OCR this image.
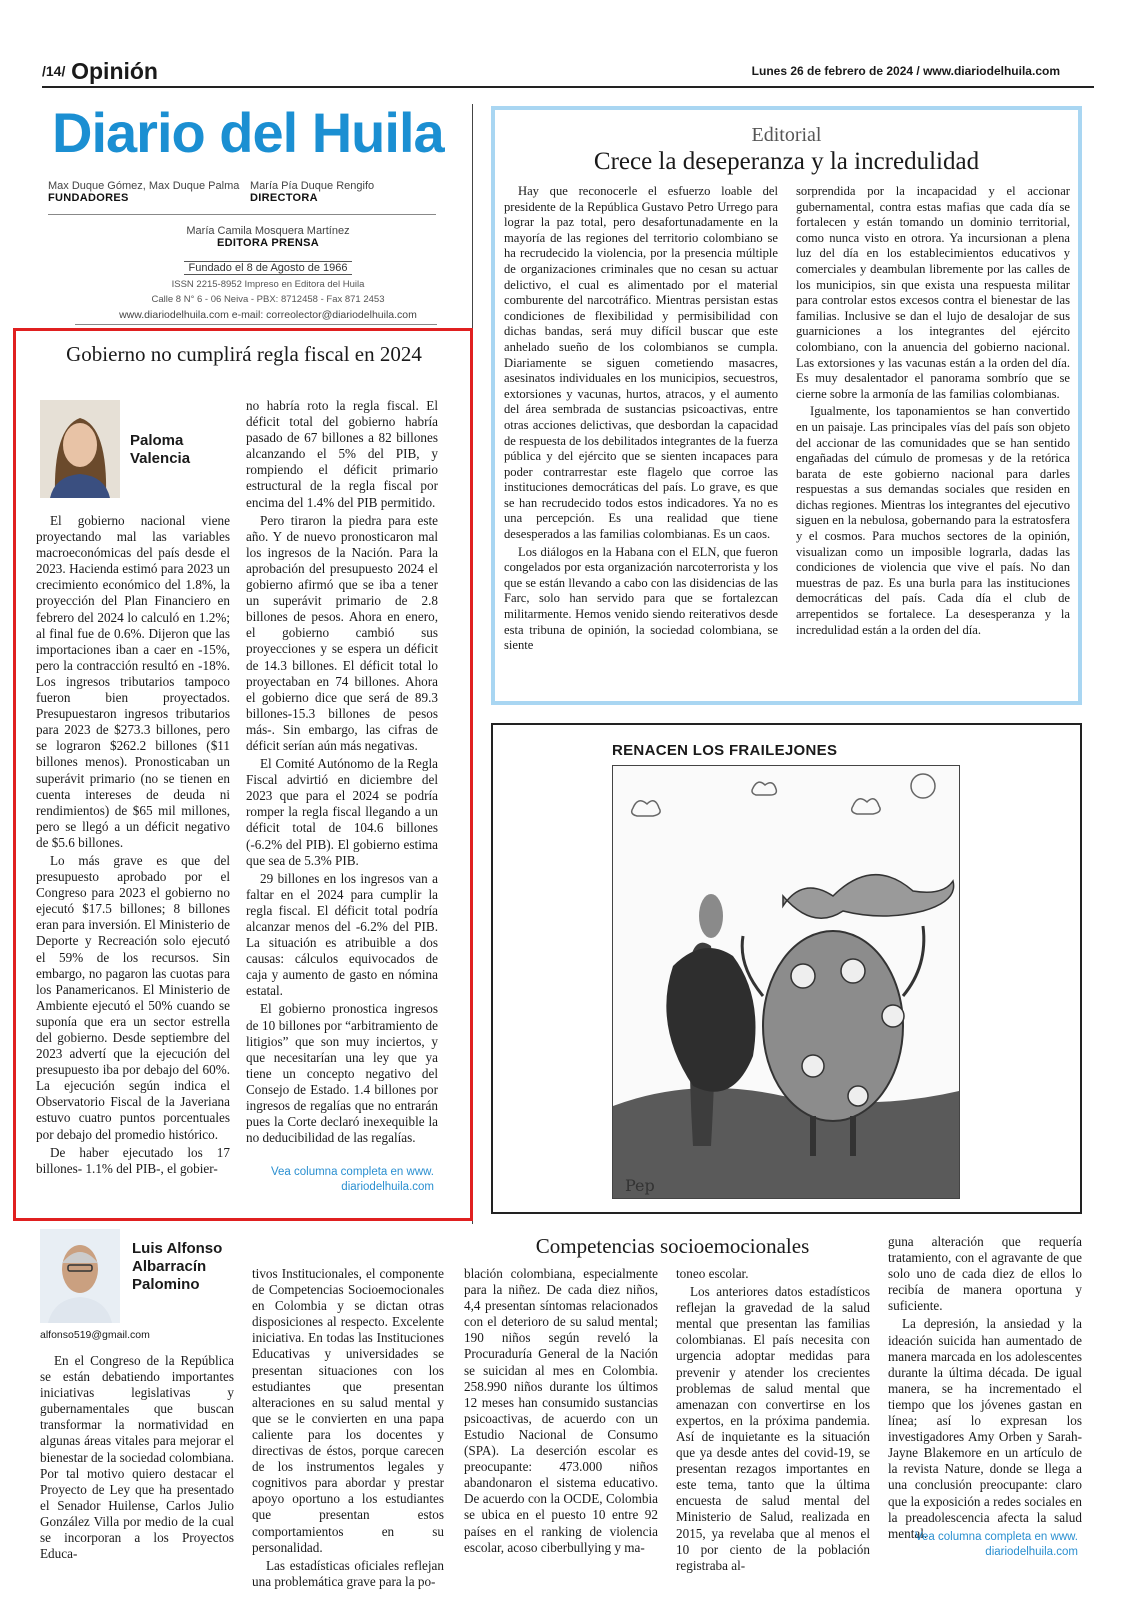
/14/ Opinión	Lunes 26 de febrero de 2024 / www.diariodelhuila.com
Diario del Huila
Max Duque Gómez, Max Duque Palma
FUNDADORES
María Pía Duque Rengifo
DIRECTORA
María Camila Mosquera Martínez
EDITORA PRENSA
Fundado el 8 de Agosto de 1966
ISSN 2215-8952 Impreso en Editora del Huila
Calle 8 N° 6 - 06 Neiva - PBX: 8712458 - Fax 871 2453
www.diariodelhuila.com e-mail: correolector@diariodelhuila.com
Editorial
Crece la deseperanza y la incredulidad

Hay que reconocerle el esfuerzo loable del presidente de la República Gustavo Petro Urrego para lograr la paz total, pero desafortunadamente en la mayoría de las regiones del territorio colombiano se ha recrudecido la violencia, por la presencia múltiple de organizaciones criminales que no cesan su actuar delictivo, el cual es alimentado por el material comburente del narcotráfico. Mientras persistan estas condiciones de flexibilidad y permisibilidad con dichas bandas, será muy difícil buscar que este anhelado sueño de los colombianos se cumpla. Diariamente se siguen cometiendo masacres, asesinatos individuales en los municipios, secuestros, extorsiones y vacunas, hurtos, atracos, y el aumento del área sembrada de sustancias psicoactivas, entre otras acciones delictivas, que desbordan la capacidad de respuesta de los debilitados integrantes de la fuerza pública y del ejército que se sienten incapaces para poder contrarrestar este flagelo que corroe las instituciones democráticas del país. Lo grave, es que se han recrudecido todos estos indicadores. Ya no es una percepción. Es una realidad que tiene desesperados a las familias colombianas. Es un caos.

Los diálogos en la Habana con el ELN, que fueron congelados por esta organización narcoterrorista y los que se están llevando a cabo con las disidencias de las Farc, solo han servido para que se fortalezcan militarmente. Hemos venido siendo reiterativos desde esta tribuna de opinión, la sociedad colombiana, se siente

sorprendida por la incapacidad y el accionar gubernamental, contra estas mafias que cada día se fortalecen y están tomando un dominio territorial, como nunca visto en otrora. Ya incursionan a plena luz del día en los establecimientos educativos y comerciales y deambulan libremente por las calles de los municipios, sin que exista una respuesta militar para controlar estos excesos contra el bienestar de las familias. Inclusive se dan el lujo de desalojar de sus guarniciones a los integrantes del ejército colombiano, con la anuencia del gobierno nacional. Las extorsiones y las vacunas están a la orden del día. Es muy desalentador el panorama sombrío que se cierne sobre la armonía de las familias colombianas.

Igualmente, los taponamientos se han convertido en un paisaje. Las principales vías del país son objeto del accionar de las comunidades que se han sentido engañadas del cúmulo de promesas y de la retórica barata de este gobierno nacional para darles respuestas a sus demandas sociales que residen en dichas regiones. Mientras los integrantes del ejecutivo siguen en la nebulosa, gobernando para la estratosfera y el cosmos. Para muchos sectores de la opinión, visualizan como un imposible lograrla, dadas las condiciones de violencia que vive el país. No dan muestras de paz. Es una burla para las instituciones democráticas del país. Cada día el club de arrepentidos se fortalece. La desesperanza y la incredulidad están a la orden del día.

RENACEN LOS FRAILEJONES
Pep
Gobierno no cumplirá regla fiscal en 2024
Paloma Valencia

El gobierno nacional viene proyectando mal las variables macroeconómicas del país desde el 2023. Hacienda estimó para 2023 un crecimiento económico del 1.8%, la proyección del Plan Financiero en febrero del 2024 lo calculó en 1.2%; al final fue de 0.6%. Dijeron que las importaciones iban a caer en -15%, pero la contracción resultó en -18%. Los ingresos tributarios tampoco fueron bien proyectados. Presupuestaron ingresos tributarios para 2023 de $273.3 billones, pero se lograron $262.2 billones ($11 billones menos). Pronosticaban un superávit primario (no se tienen en cuenta intereses de deuda ni rendimientos) de $65 mil millones, pero se llegó a un déficit negativo de $5.6 billones.

Lo más grave es que del presupuesto aprobado por el Congreso para 2023 el gobierno no ejecutó $17.5 billones; 8 billones eran para inversión. El Ministerio de Deporte y Recreación solo ejecutó el 59% de los recursos. Sin embargo, no pagaron las cuotas para los Panamericanos. El Ministerio de Ambiente ejecutó el 50% cuando se suponía que era un sector estrella del gobierno. Desde septiembre del 2023 advertí que la ejecución del presupuesto iba por debajo del 60%. La ejecución según indica el Observatorio Fiscal de la Javeriana estuvo cuatro puntos porcentuales por debajo del promedio histórico.

De haber ejecutado los 17 billones- 1.1% del PIB-, el gobier-

no habría roto la regla fiscal. El déficit total del gobierno habría pasado de 67 billones a 82 billones alcanzando el 5% del PIB, y rompiendo el déficit primario estructural de la regla fiscal por encima del 1.4% del PIB permitido.

Pero tiraron la piedra para este año. Y de nuevo pronosticaron mal los ingresos de la Nación. Para la aprobación del presupuesto 2024 el gobierno afirmó que se iba a tener un superávit primario de 2.8 billones de pesos. Ahora en enero, el gobierno cambió sus proyecciones y se espera un déficit de 14.3 billones. El déficit total lo proyectaban en 74 billones. Ahora el gobierno dice que será de 89.3 billones-15.3 billones de pesos más-. Sin embargo, las cifras de déficit serían aún más negativas.

El Comité Autónomo de la Regla Fiscal advirtió en diciembre del 2023 que para el 2024 se podría romper la regla fiscal llegando a un déficit total de 104.6 billones (-6.2% del PIB). El gobierno estima que sea de 5.3% PIB.

29 billones en los ingresos van a faltar en el 2024 para cumplir la regla fiscal. El déficit total podría alcanzar menos del -6.2% del PIB. La situación es atribuible a dos causas: cálculos equivocados de caja y aumento de gasto en nómina estatal.

El gobierno pronostica ingresos de 10 billones por “arbitramiento de litigios” que son muy inciertos, y que necesitarían una ley que ya tiene un concepto negativo del Consejo de Estado. 1.4 billones por ingresos de regalías que no entrarán pues la Corte declaró inexequible la no deducibilidad de las regalías.

Vea columna completa en www. diariodelhuila.com
Luis Alfonso Albarracín Palomino
alfonso519@gmail.com
Competencias socioemocionales

En el Congreso de la República se están debatiendo importantes iniciativas legislativas y gubernamentales que buscan transformar la normatividad en algunas áreas vitales para mejorar el bienestar de la sociedad colombiana. Por tal motivo quiero destacar el Proyecto de Ley que ha presentado el Senador Huilense, Carlos Julio González Villa por medio de la cual se incorporan a los Proyectos Educa-

tivos Institucionales, el componente de Competencias Socioemocionales en Colombia y se dictan otras disposiciones al respecto. Excelente iniciativa. En todas las Instituciones Educativas y universidades se presentan situaciones con los estudiantes que presentan alteraciones en su salud mental y que se le convierten en una papa caliente para los docentes y directivas de éstos, porque carecen de los instrumentos legales y cognitivos para abordar y prestar apoyo oportuno a los estudiantes que presentan estos comportamientos en su personalidad.

Las estadísticas oficiales reflejan una problemática grave para la po-

blación colombiana, especialmente para la niñez. De cada diez niños, 4,4 presentan síntomas relacionados con el deterioro de su salud mental; 190 niños según reveló la Procuraduría General de la Nación se suicidan al mes en Colombia. 258.990 niños durante los últimos 12 meses han consumido sustancias psicoactivas, de acuerdo con un Estudio Nacional de Consumo (SPA). La deserción escolar es preocupante: 473.000 niños abandonaron el sistema educativo. De acuerdo con la OCDE, Colombia se ubica en el puesto 10 entre 92 países en el ranking de violencia escolar, acoso ciberbullying y ma-

toneo escolar.

Los anteriores datos estadísticos reflejan la gravedad de la salud mental que presentan las familias colombianas. El país necesita con urgencia adoptar medidas para prevenir y atender los crecientes problemas de salud mental que amenazan con convertirse en los expertos, en la próxima pandemia. Así de inquietante es la situación que ya desde antes del covid-19, se presentan rezagos importantes en este tema, tanto que la última encuesta de salud mental del Ministerio de Salud, realizada en 2015, ya revelaba que al menos el 10 por ciento de la población registraba al-

guna alteración que requería tratamiento, con el agravante de que solo uno de cada diez de ellos lo recibía de manera oportuna y suficiente.

La depresión, la ansiedad y la ideación suicida han aumentado de manera marcada en los adolescentes durante la última década. De igual manera, se ha incrementado el tiempo que los jóvenes gastan en línea; así lo expresan los investigadores Amy Orben y Sarah-Jayne Blakemore en un artículo de la revista Nature, donde se llega a una conclusión preocupante: claro que la exposición a redes sociales en la preadolescencia afecta la salud mental.

Vea columna completa en www. diariodelhuila.com
